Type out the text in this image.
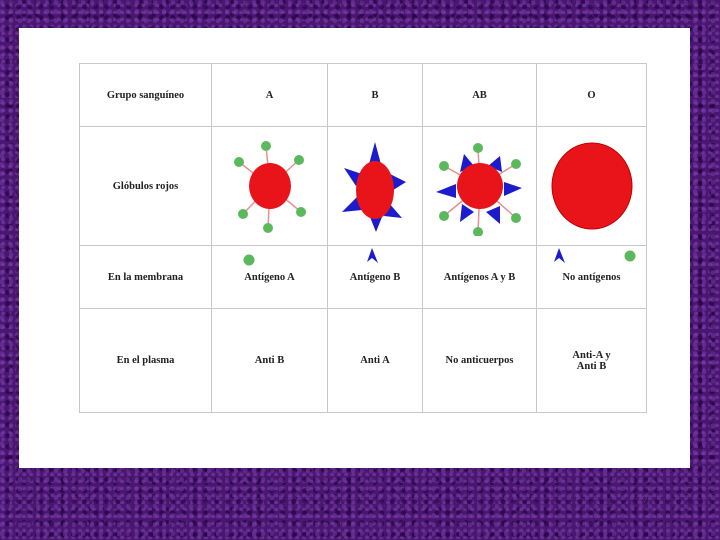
Grupo sanguíneo	A	B	AB	O
Glóbulos rojos	

En la membrana	Antígeno A	Antígeno B	Antígenos A y B	No antígenos
En el plasma	Anti B	Anti A	No anticuerpos	Anti-A y
Anti B
77
